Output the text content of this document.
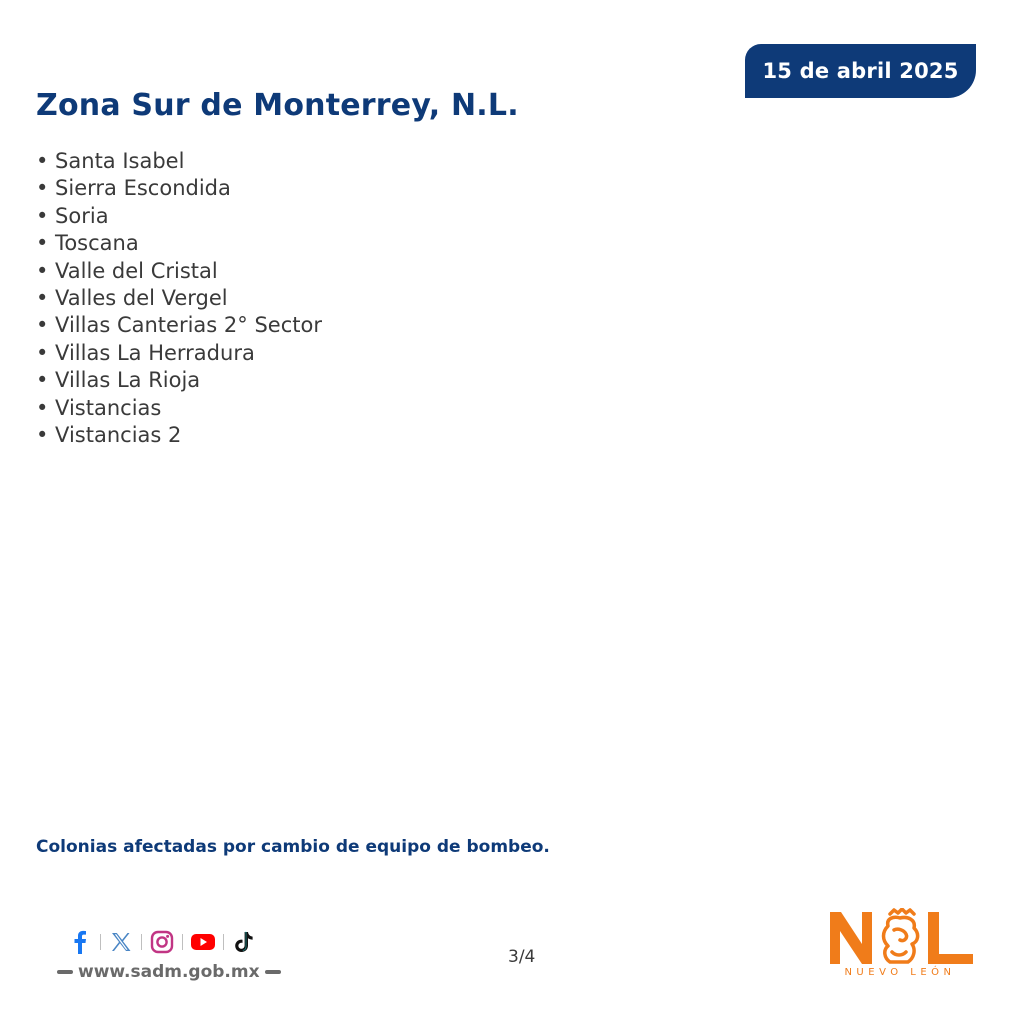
15 de abril 2025
Zona Sur de Monterrey, N.L.
• Santa Isabel
• Sierra Escondida
• Soria
• Toscana
• Valle del Cristal
• Valles del Vergel
• Villas Canterias 2° Sector
• Villas La Herradura
• Villas La Rioja
• Vistancias
• Vistancias 2

Colonias afectadas por cambio de equipo de bombeo.

www.sadm.gob.mx
3/4
NUEVO LEÓN
